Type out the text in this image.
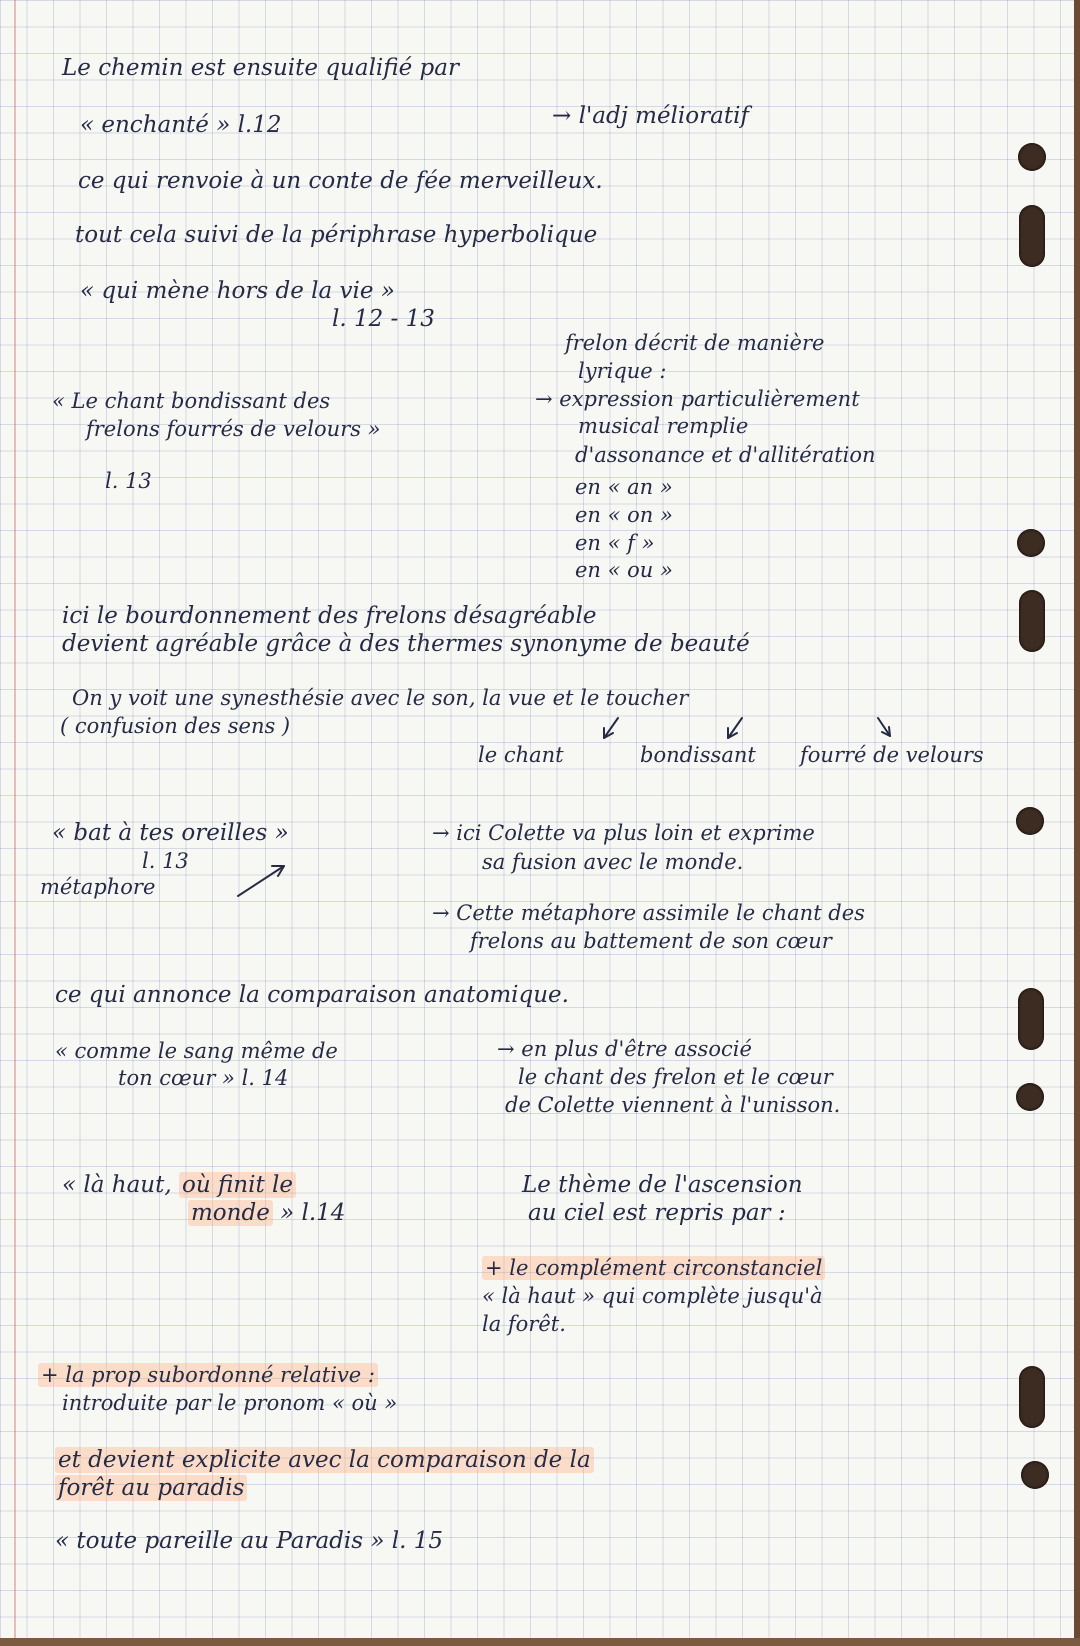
Le chemin est ensuite qualifié par
« enchanté » l.12	→ l'adj mélioratif
ce qui renvoie à un conte de fée merveilleux.
tout cela suivi de la périphrase hyperbolique
« qui mène hors de la vie »
l. 12 - 13
frelon décrit de manière
lyrique :
« Le chant bondissant des
frelons fourrés de velours »
l. 13
→ expression particulièrement
musical remplie
d'assonance et d'allitération
en « an »
en « on »
en « f »
en « ou »
ici le bourdonnement des frelons désagréable
devient agréable grâce à des thermes synonyme de beauté
On y voit une synesthésie avec le son, la vue et le toucher
( confusion des sens )
le chant	bondissant fourré de velours
« bat à tes oreilles »
l. 13
métaphore
→ ici Colette va plus loin et exprime
sa fusion avec le monde.
→ Cette métaphore assimile le chant des
frelons au battement de son cœur
ce qui annonce la comparaison anatomique.
« comme le sang même de
ton cœur » l. 14
→ en plus d'être associé
le chant des frelon et le cœur
de Colette viennent à l'unisson.
« là haut, où finit le
monde » l.14
Le thème de l'ascension
au ciel est repris par :
+ le complément circonstanciel
« là haut » qui complète jusqu'à
la forêt.
+ la prop subordonné relative :
introduite par le pronom « où »
et devient explicite avec la comparaison de la
forêt au paradis
« toute pareille au Paradis » l. 15
